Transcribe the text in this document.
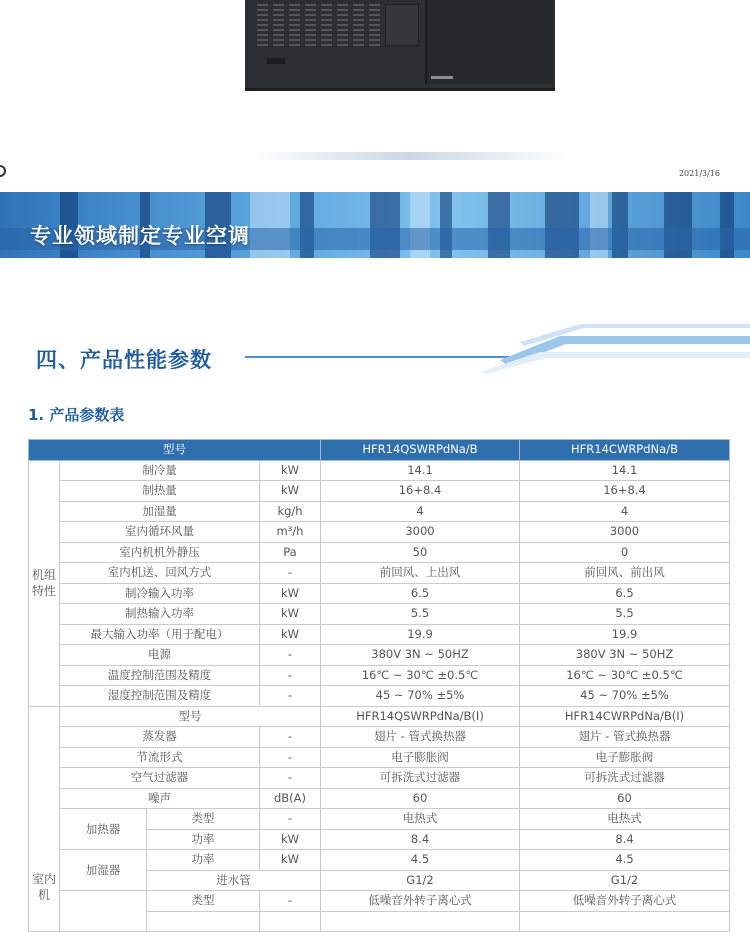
2021/3/16
专业领域制定专业空调
四、产品性能参数
1. 产品参数表
型号				HFR14QSWRPdNa/B	HFR14CWRPdNa/B
机组特性	制冷量		kW	14.1	14.1
	制热量		kW	16+8.4	16+8.4
	加湿量		kg/h	4	4
	室内循环风量		m³/h	3000	3000
	室内机机外静压		Pa	50	0
	室内机送、回风方式		-	前回风、上出风	前回风、前出风
	制冷输入功率		kW	6.5	6.5
	制热输入功率		kW	5.5	5.5
	最大输入功率（用于配电）		kW	19.9	19.9
	电源		-	380V 3N ~ 50HZ	380V 3N ~ 50HZ
	温度控制范围及精度		-	16℃ ~ 30℃ ±0.5℃	16℃ ~ 30℃ ±0.5℃
	湿度控制范围及精度		-	45 ~ 70% ±5%	45 ~ 70% ±5%
室内机	型号			HFR14QSWRPdNa/B(I)	HFR14CWRPdNa/B(I)
	蒸发器		-	翅片 - 管式换热器	翅片 - 管式换热器
	节流形式		-	电子膨胀阀	电子膨胀阀
	空气过滤器		-	可拆洗式过滤器	可拆洗式过滤器
	噪声		dB(A)	60	60
	加热器	类型	-	电热式	电热式
		功率	kW	8.4	8.4
	加湿器	功率	kW	4.5	4.5
		进水管		G1/2	G1/2
		类型	-	低噪音外转子离心式	低噪音外转子离心式
